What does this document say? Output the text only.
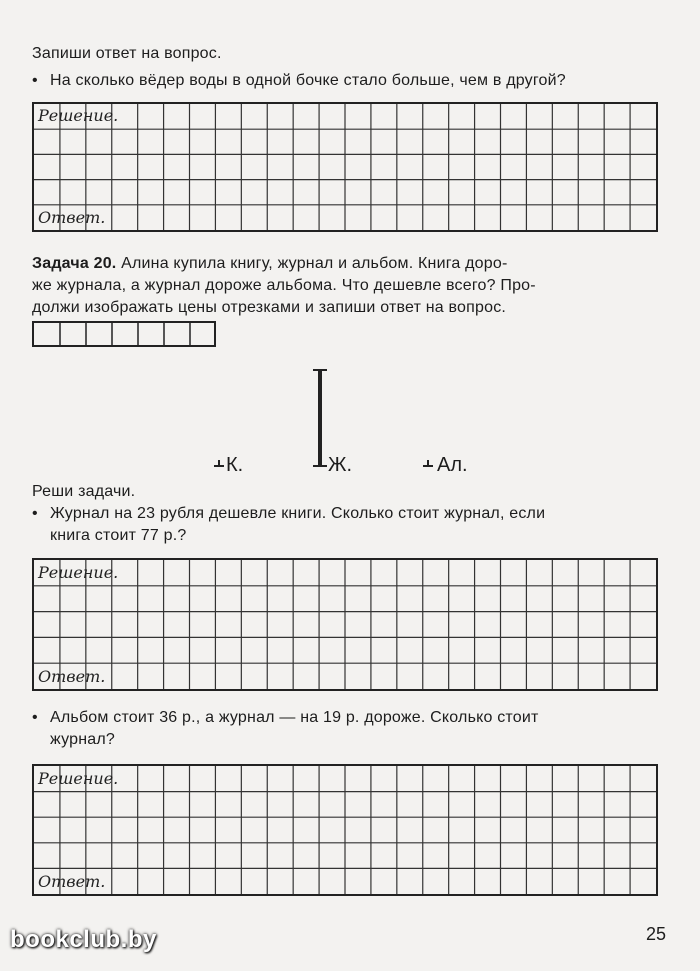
Запиши ответ на вопрос.
• На сколько вёдер воды в одной бочке стало больше, чем в другой?
Решение.
Ответ.
Задача 20. Алина купила книгу, журнал и альбом. Книга доро-
же журнала, а журнал дороже альбома. Что дешевле всего? Про-
должи изображать цены отрезками и запиши ответ на вопрос.
К.	Ж.	Ал.
Реши задачи.
• Журнал на 23 рубля дешевле книги. Сколько стоит журнал, если
книга стоит 77 р.?
Решение.
Ответ.
• Альбом стоит 36 р., а журнал — на 19 р. дороже. Сколько стоит
журнал?
Решение.
Ответ.
bookclub.by	25
